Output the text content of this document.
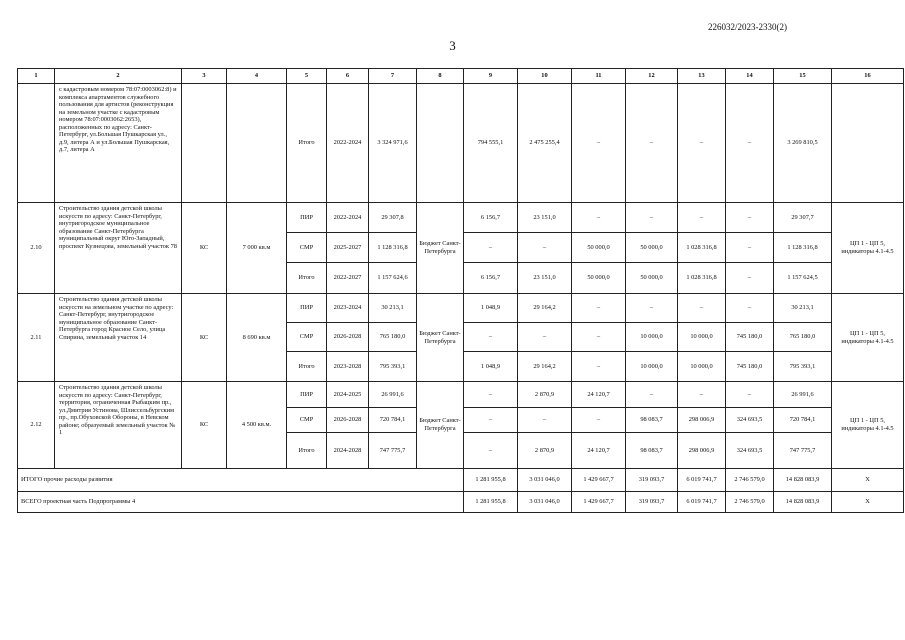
226032/2023-2330(2)
3
1	2	3	4	5	6	7	8	9	10	11	12	13	14	15	16
	с кадастровым номером 78:07:0003062:8) и комплекса апартаментов служебного пользования для артистов (реконструкция на земельном участке с кадастровым номером 78:07:0003062:2653), расположенных по адресу: Санкт-Петербург, ул.Большая Пушкарская ул., д.9, литера А и ул.Большая Пушкарская, д.7, литера А			Итого	2022-2024	3 324 971,6		794 555,1	2 475 255,4	–	–	–	–	3 269 810,5	
2.10	Строительство здания детской школы искусств по адресу: Санкт-Петербург, внутригородское муниципальное образование Санкт-Петербурга муниципальный округ Юго-Западный, проспект Кузнецова, земельный участок 78	КС	7 000 кв.м	ПИР	2022-2024	29 307,8	Бюджет Санкт-Петербурга	6 156,7	23 151,0	–	–	–	–	29 307,7	ЦП 1 - ЦП 5, индикаторы 4.1-4.5
				СМР	2025-2027	1 128 316,8		–	–	50 000,0	50 000,0	1 028 316,8	–	1 128 316,8	
				Итого	2022-2027	1 157 624,6		6 156,7	23 151,0	50 000,0	50 000,0	1 028 316,8	–	1 157 624,5	
2.11	Строительство здания детской школы искусств на земельном участке по адресу: Санкт-Петербург, внутригородское муниципальное образование Санкт-Петербурга город Красное Село, улица Спирина, земельный участок 14	КС	8 690 кв.м	ПИР	2023-2024	30 213,1	Бюджет Санкт-Петербурга	1 048,9	29 164,2	–	–	–	–	30 213,1	ЦП 1 - ЦП 5, индикаторы 4.1-4.5
				СМР	2026-2028	765 180,0		–	–	–	10 000,0	10 000,0	745 180,0	765 180,0	
				Итого	2023-2028	795 393,1		1 048,9	29 164,2	–	10 000,0	10 000,0	745 180,0	795 393,1	
2.12	Строительство здания детской школы искусств по адресу: Санкт-Петербург, территория, ограниченная Рыбацким пр., ул.Дмитрия Устинова, Шлиссельбургским пр., пр.Обуховской Обороны, в Невском районе; образуемый земельный участок № 1	КС	4 500 кв.м.	ПИР	2024-2025	26 991,6	Бюджет Санкт-Петербурга	–	2 870,9	24 120,7	–	–	–	26 991,6	ЦП 1 - ЦП 5, индикаторы 4.1-4.5
				СМР	2026-2028	720 784,1		–	–	–	98 083,7	298 006,9	324 693,5	720 784,1	
				Итого	2024-2028	747 775,7		–	2 870,9	24 120,7	98 083,7	298 006,9	324 693,5	747 775,7	
ИТОГО прочие расходы развития								1 281 955,8	3 031 046,0	1 429 667,7	319 093,7	6 019 741,7	2 746 579,0	14 828 083,9	Х
ВСЕГО проектная часть Подпрограммы 4								1 281 955,8	3 031 046,0	1 429 667,7	319 093,7	6 019 741,7	2 746 579,0	14 828 083,9	Х
